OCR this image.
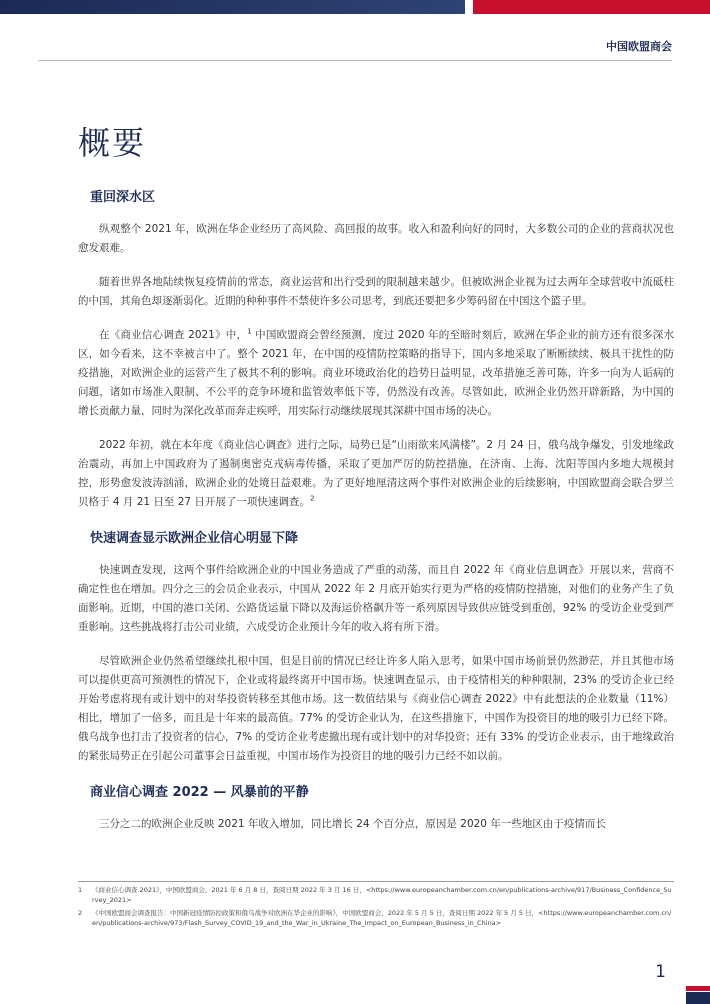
中国欧盟商会
概要
重回深水区

纵观整个 2021 年，欧洲在华企业经历了高风险、高回报的故事。收入和盈利向好的同时，大多数公司的企业的营商状况也愈发艰难。

随着世界各地陆续恢复疫情前的常态，商业运营和出行受到的限制越来越少。但被欧洲企业视为过去两年全球营收中流砥柱的中国，其角色却逐渐弱化。近期的种种事件不禁使许多公司思考，到底还要把多少筹码留在中国这个篮子里。

在《商业信心调查 2021》中，$^1$ 中国欧盟商会曾经预测，度过 2020 年的至暗时刻后，欧洲在华企业的前方还有很多深水区，如今看来，这不幸被言中了。整个 2021 年，在中国的疫情防控策略的指导下，国内多地采取了断断续续、极具干扰性的防疫措施，对欧洲企业的运营产生了极其不利的影响。商业环境政治化的趋势日益明显，改革措施乏善可陈，许多一向为人诟病的问题，诸如市场准入限制、不公平的竞争环境和监管效率低下等，仍然没有改善。尽管如此，欧洲企业仍然开辟新路，为中国的增长贡献力量，同时为深化改革而奔走疾呼，用实际行动继续展现其深耕中国市场的决心。

2022 年初，就在本年度《商业信心调查》进行之际，局势已是“山雨欲来风满楼”。2 月 24 日，俄乌战争爆发，引发地缘政治震动，再加上中国政府为了遏制奥密克戎病毒传播，采取了更加严厉的防控措施，在济南、上海、沈阳等国内多地大规模封控，形势愈发波涛汹涌，欧洲企业的处境日益艰难。为了更好地厘清这两个事件对欧洲企业的后续影响，中国欧盟商会联合罗兰贝格于 4 月 21 日至 27 日开展了一项快速调查。$^2$

快速调查显示欧洲企业信心明显下降

快速调查发现，这两个事件给欧洲企业的中国业务造成了严重的动荡，而且自 2022 年《商业信息调查》开展以来，营商不确定性也在增加。四分之三的会员企业表示，中国从 2022 年 2 月底开始实行更为严格的疫情防控措施，对他们的业务产生了负面影响。近期，中国的港口关闭、公路货运量下降以及海运价格飙升等一系列原因导致供应链受到重创，92% 的受访企业受到严重影响。这些挑战将打击公司业绩，六成受访企业预计今年的收入将有所下滑。

尽管欧洲企业仍然希望继续扎根中国，但是目前的情况已经让许多人陷入思考，如果中国市场前景仍然渺茫，并且其他市场可以提供更高可预测性的情况下，企业或将最终离开中国市场。快速调查显示，由于疫情相关的种种限制，23% 的受访企业已经开始考虑将现有或计划中的对华投资转移至其他市场。这一数值结果与《商业信心调查 2022》中有此想法的企业数量（11%）相比，增加了一倍多，而且是十年来的最高值。77% 的受访企业认为，在这些措施下，中国作为投资目的地的吸引力已经下降。俄乌战争也打击了投资者的信心，7% 的受访企业考虑撤出现有或计划中的对华投资；还有 33% 的受访企业表示，由于地缘政治的紧张局势正在引起公司董事会日益重视，中国市场作为投资目的地的吸引力已经不如以前。

商业信心调查 2022 — 风暴前的平静

三分之二的欧洲企业反映 2021 年收入增加，同比增长 24 个百分点，原因是 2020 年一些地区由于疫情而长

1 《商业信心调查 2021》，中国欧盟商会，2021 年 6 月 8 日，查阅日期 2022 年 3 月 16 日，<https://www.europeanchamber.com.cn/en/publications-archive/917/Business_Confidence_Survey_2021>
2 《中国欧盟商会调查报告：中国新冠疫情防控政策和俄乌战争对欧洲在华企业的影响》，中国欧盟商会，2022 年 5 月 5 日，查阅日期 2022 年 5 月 5 日，<https://www.europeanchamber.com.cn/en/publications-archive/973/Flash_Survey_COVID_19_and_the_War_in_Ukraine_The_Impact_on_European_Business_in_China>
1
